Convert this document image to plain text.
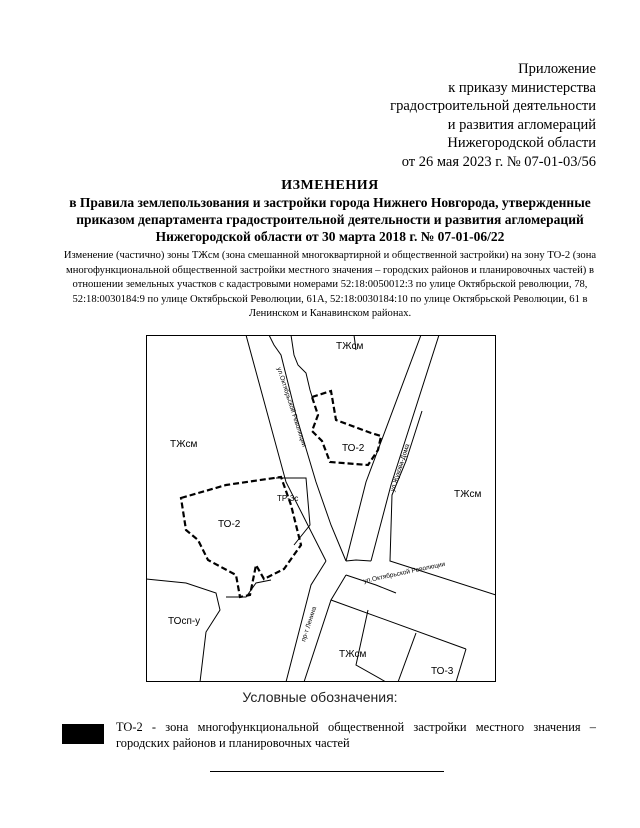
Приложение
к приказу министерства
градостроительной деятельности
и развития агломераций
Нижегородской области
от 26 мая 2023 г. № 07-01-03/56
ИЗМЕНЕНИЯ
в Правила землепользования и застройки города Нижнего Новгорода, утвержденные
приказом департамента градостроительной деятельности и развития агломераций
Нижегородской области от 30 марта 2018 г. № 07-01-06/22
Изменение (частично) зоны ТЖсм (зона смешанной многоквартирной и общественной застройки) на зону ТО-2 (зона многофункциональной общественной застройки местного значения – городских районов и планировочных частей) в отношении земельных участков с кадастровыми номерами 52:18:0050012:3 по улице Октябрьской революции, 78, 52:18:0030184:9 по улице Октябрьской Революции, 61А, 52:18:0030184:10 по улице Октябрьской Революции, 61 в Ленинском и Канавинском районах.
ТЖсм
ТЖсм
ТЖсм
ТЖсм
ТО-2
ТО-2
ТР-3с
ТОсп-у
ТО-3
ул.Октябрьской Революции
ул.Жукова-Дома
ул.Октябрьской Революции
пр-т Ленина
Условные обозначения:
ТО-2 - зона многофункциональной общественной застройки местного значения – городских районов и планировочных частей
